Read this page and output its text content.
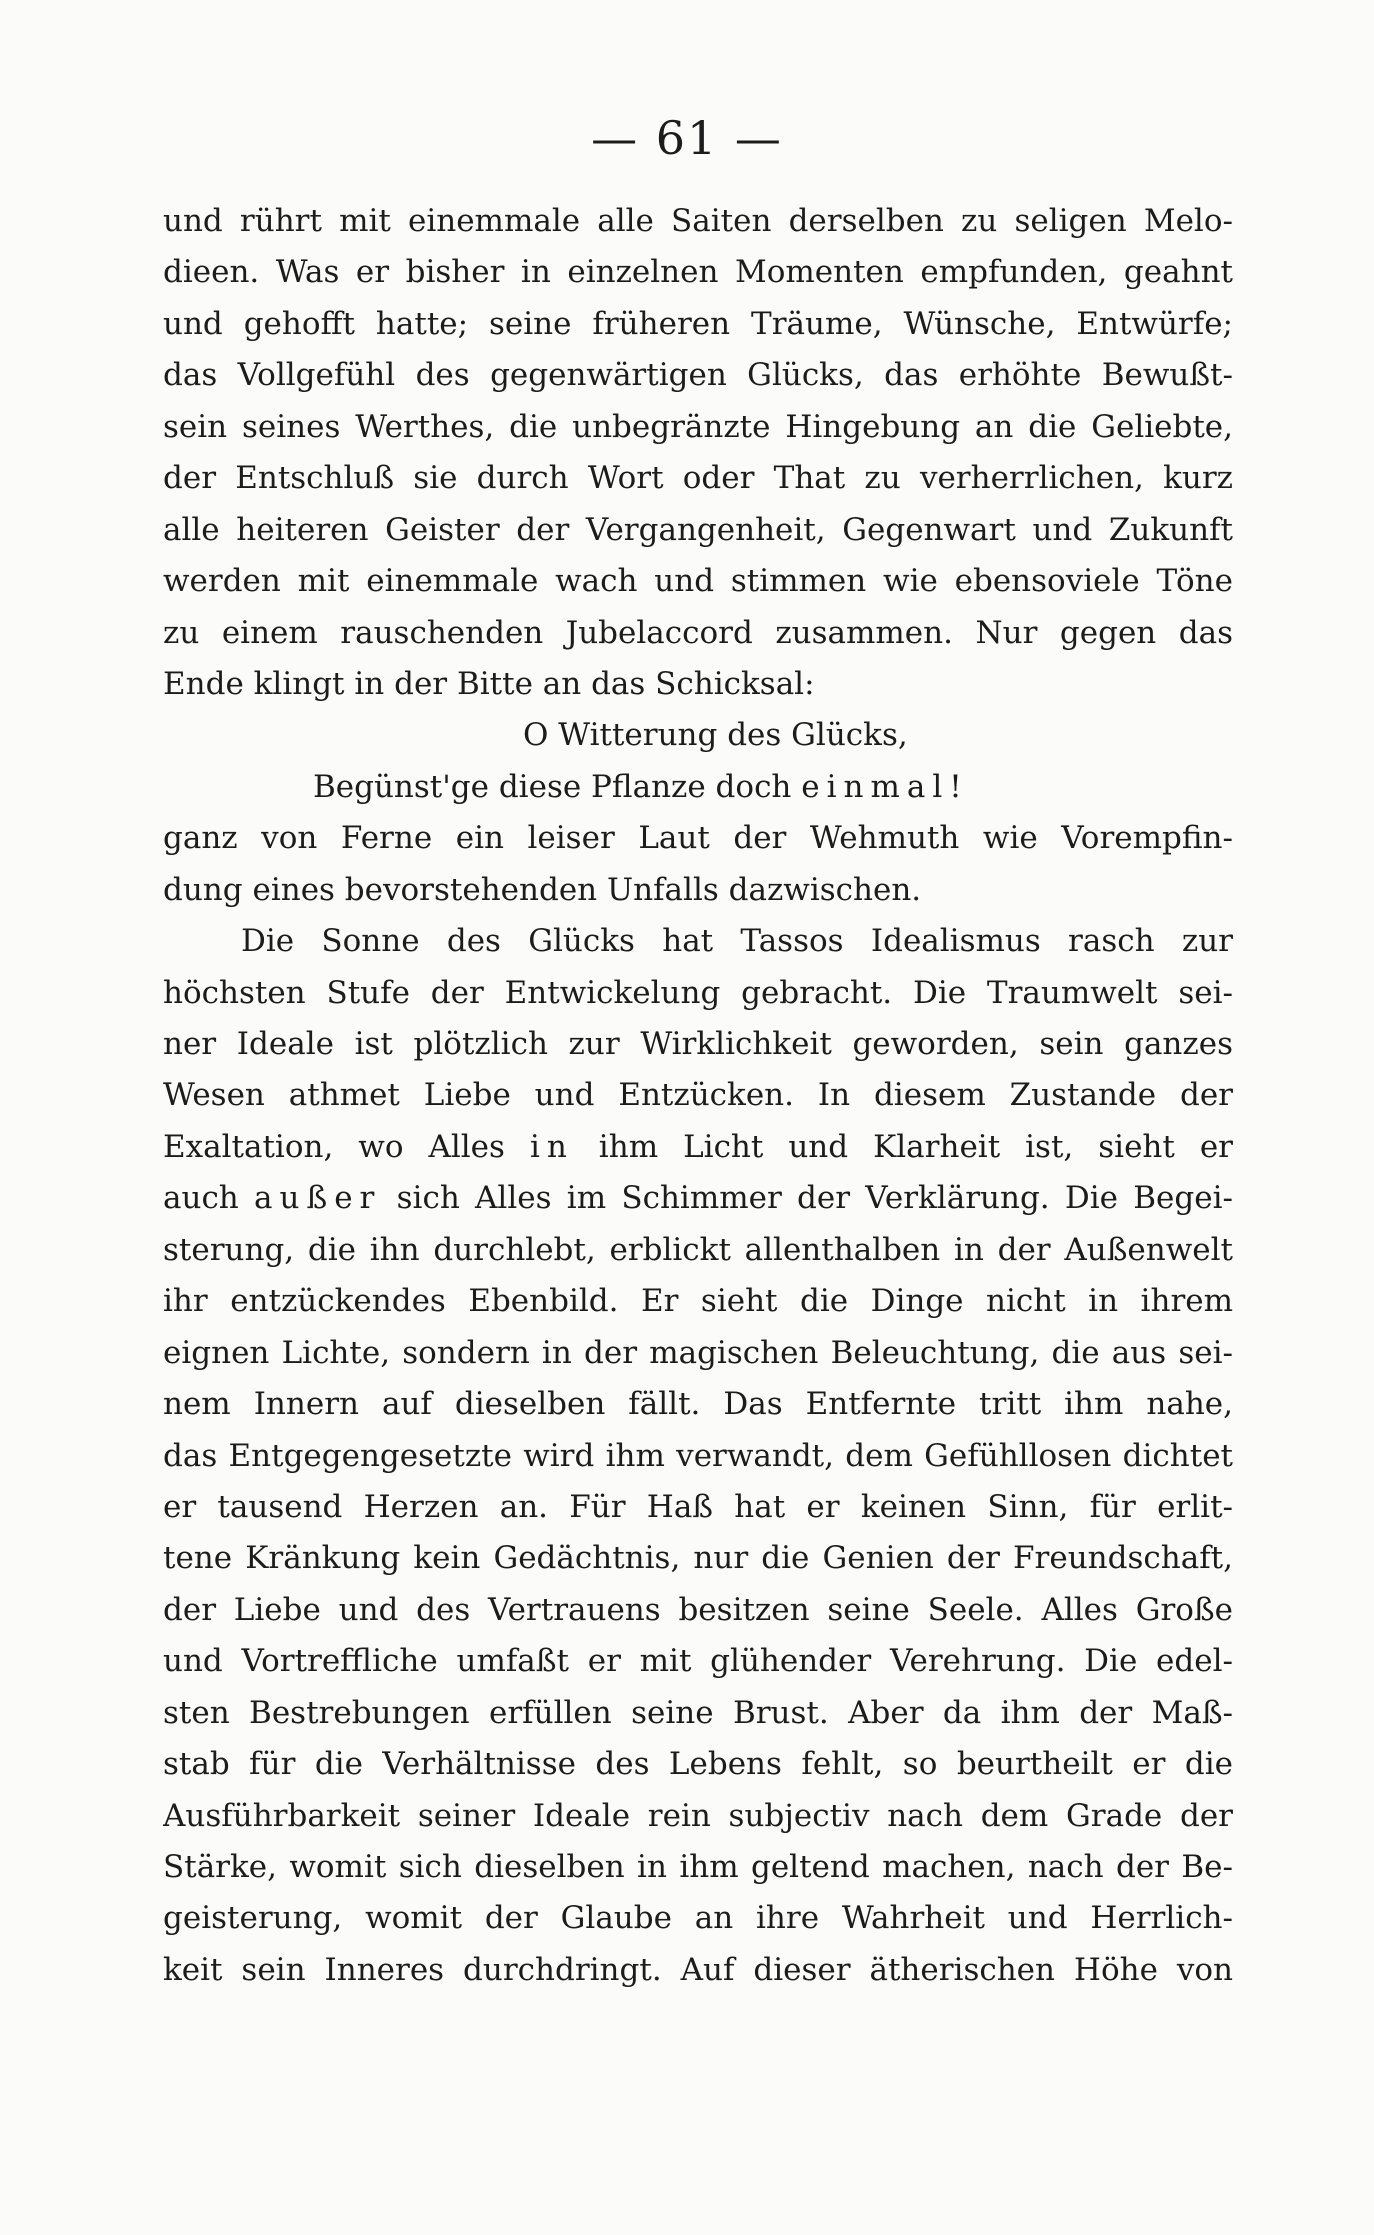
— 61 —
und rührt mit einemmale alle Saiten derselben zu seligen Melo-
dieen. Was er bisher in einzelnen Momenten empfunden, geahnt
und gehofft hatte; seine früheren Träume, Wünsche, Entwürfe;
das Vollgefühl des gegenwärtigen Glücks, das erhöhte Bewußt-
sein seines Werthes, die unbegränzte Hingebung an die Geliebte,
der Entschluß sie durch Wort oder That zu verherrlichen, kurz
alle heiteren Geister der Vergangenheit, Gegenwart und Zukunft
werden mit einemmale wach und stimmen wie ebensoviele Töne
zu einem rauschenden Jubelaccord zusammen. Nur gegen das
Ende klingt in der Bitte an das Schicksal:
O Witterung des Glücks,
Begünst'ge diese Pflanze doch einmal!
ganz von Ferne ein leiser Laut der Wehmuth wie Vorempfin-
dung eines bevorstehenden Unfalls dazwischen.
Die Sonne des Glücks hat Tassos Idealismus rasch zur
höchsten Stufe der Entwickelung gebracht. Die Traumwelt sei-
ner Ideale ist plötzlich zur Wirklichkeit geworden, sein ganzes
Wesen athmet Liebe und Entzücken. In diesem Zustande der
Exaltation, wo Alles in ihm Licht und Klarheit ist, sieht er
auch außer sich Alles im Schimmer der Verklärung. Die Begei-
sterung, die ihn durchlebt, erblickt allenthalben in der Außenwelt
ihr entzückendes Ebenbild. Er sieht die Dinge nicht in ihrem
eignen Lichte, sondern in der magischen Beleuchtung, die aus sei-
nem Innern auf dieselben fällt. Das Entfernte tritt ihm nahe,
das Entgegengesetzte wird ihm verwandt, dem Gefühllosen dichtet
er tausend Herzen an. Für Haß hat er keinen Sinn, für erlit-
tene Kränkung kein Gedächtnis, nur die Genien der Freundschaft,
der Liebe und des Vertrauens besitzen seine Seele. Alles Große
und Vortreffliche umfaßt er mit glühender Verehrung. Die edel-
sten Bestrebungen erfüllen seine Brust. Aber da ihm der Maß-
stab für die Verhältnisse des Lebens fehlt, so beurtheilt er die
Ausführbarkeit seiner Ideale rein subjectiv nach dem Grade der
Stärke, womit sich dieselben in ihm geltend machen, nach der Be-
geisterung, womit der Glaube an ihre Wahrheit und Herrlich-
keit sein Inneres durchdringt. Auf dieser ätherischen Höhe von
